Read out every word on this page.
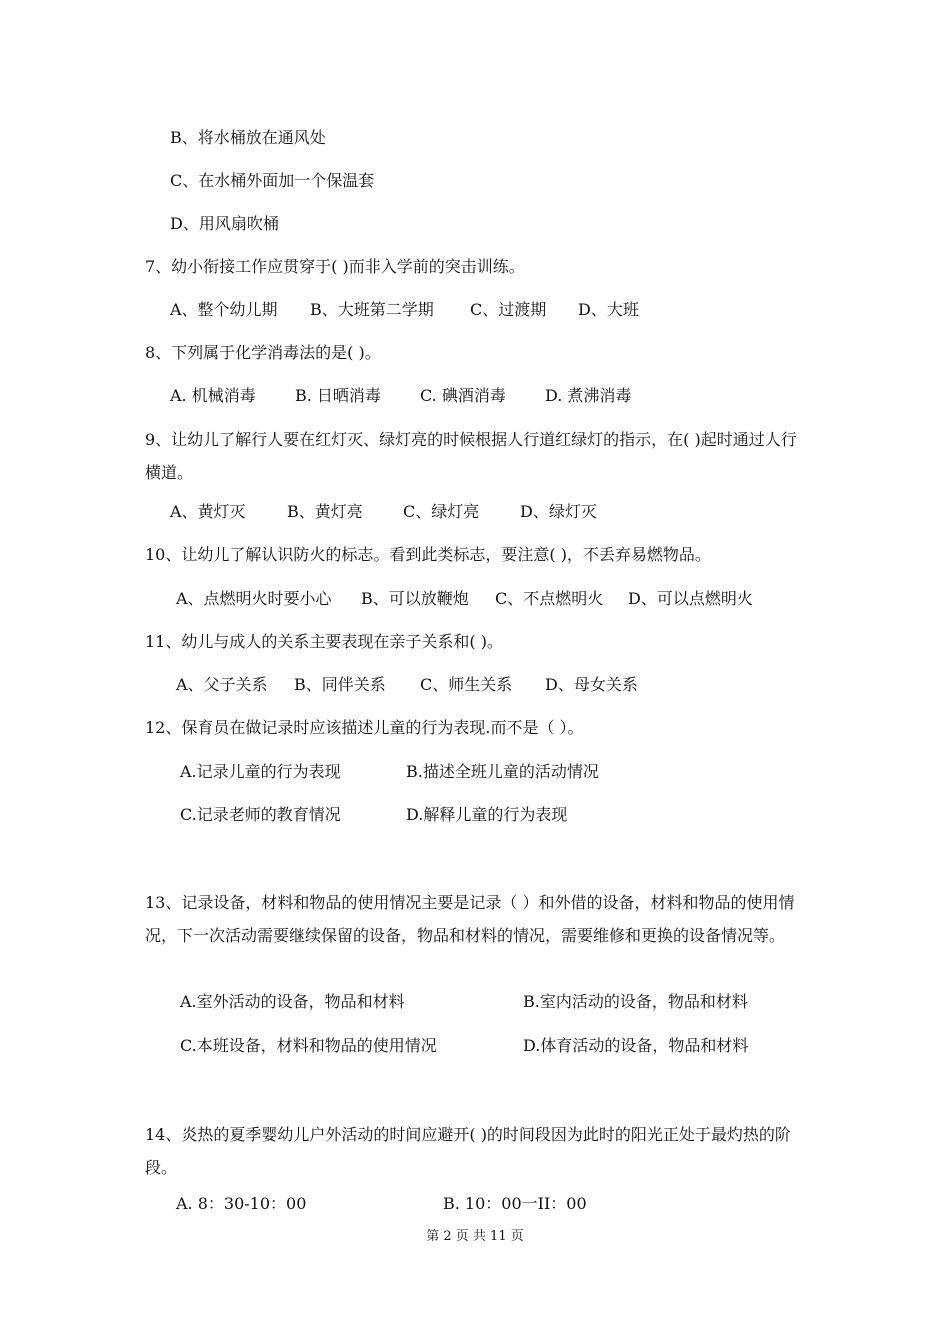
B、将水桶放在通风处
C、在水桶外面加一个保温套
D、用风扇吹桶
7、幼小衔接工作应贯穿于( )而非入学前的突击训练。
A、整个幼儿期 B、大班第二学期 C、过渡期 D、大班
8、下列属于化学消毒法的是( )。
A. 机械消毒 B. 日晒消毒 C. 碘酒消毒 D. 煮沸消毒
9、让幼儿了解行人要在红灯灭、绿灯亮的时候根据人行道红绿灯的指示，在( )起时通过人行横道。
A、黄灯灭	B、黄灯亮	C、绿灯亮	D、绿灯灭
10、让幼儿了解认识防火的标志。看到此类标志，要注意( )，不丢弃易燃物品。
A、点燃明火时要小心 B、可以放鞭炮 C、不点燃明火 D、可以点燃明火
11、幼儿与成人的关系主要表现在亲子关系和( )。
A、父子关系 B、同伴关系 C、师生关系 D、母女关系
12、保育员在做记录时应该描述儿童的行为表现.而不是（ ）。
A.记录儿童的行为表现	B.描述全班儿童的活动情况
C.记录老师的教育情况	D.解释儿童的行为表现
13、记录设备，材料和物品的使用情况主要是记录（ ）和外借的设备，材料和物品的使用情况，下一次活动需要继续保留的设备，物品和材料的情况，需要维修和更换的设备情况等。
A.室外活动的设备，物品和材料	B.室内活动的设备，物品和材料
C.本班设备，材料和物品的使用情况	D.体育活动的设备，物品和材料
14、炎热的夏季婴幼儿户外活动的时间应避开( )的时间段因为此时的阳光正处于最灼热的阶段。
A. 8：30-10：00	B. 10：00一II：00
第 2 页 共 11 页
